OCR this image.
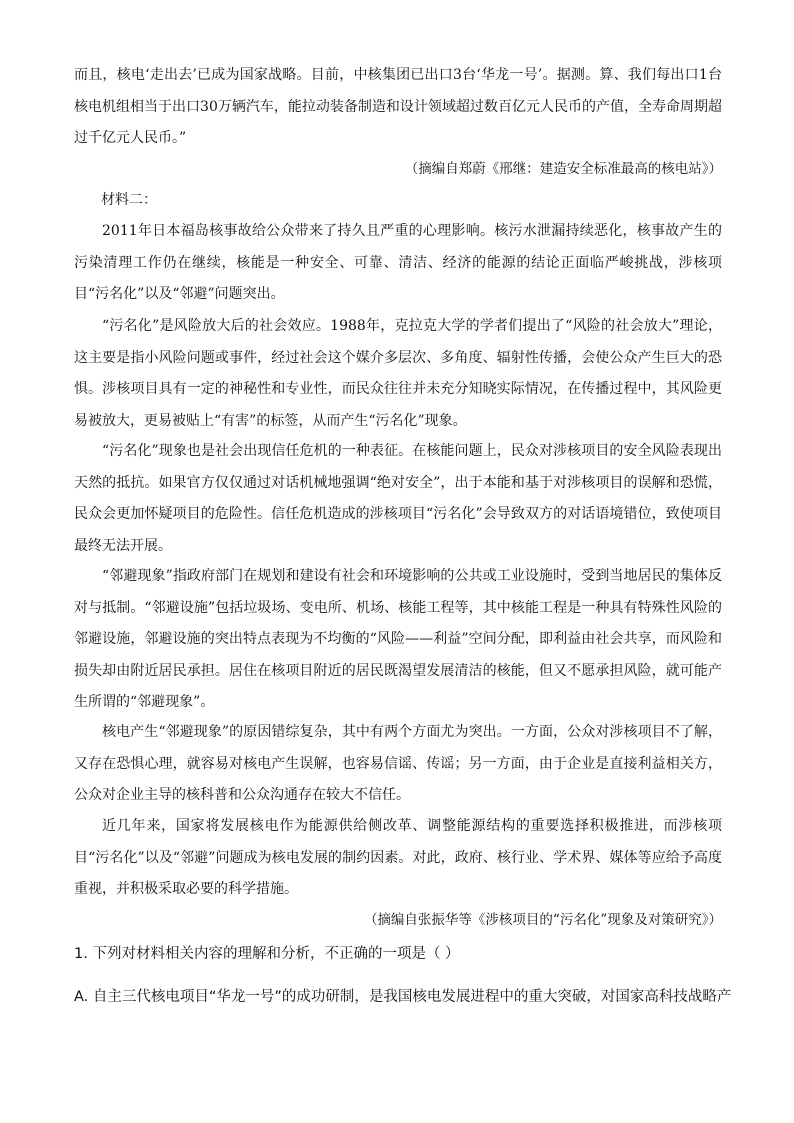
而且，核电‘走出去’已成为国家战略。目前，中核集团已出口3台‘华龙一号’。据测。算、我们每出口1台核电机组相当于出口30万辆汽车，能拉动装备制造和设计领域超过数百亿元人民币的产值，全寿命周期超过千亿元人民币。”
（摘编自郑蔚《邢继：建造安全标准最高的核电站》）
材料二：
2011年日本福岛核事故给公众带来了持久且严重的心理影响。核污水泄漏持续恶化，核事故产生的污染清理工作仍在继续，核能是一种安全、可靠、清洁、经济的能源的结论正面临严峻挑战，涉核项目“污名化”以及“邻避”问题突出。
“污名化”是风险放大后的社会效应。1988年，克拉克大学的学者们提出了“风险的社会放大”理论，这主要是指小风险问题或事件，经过社会这个媒介多层次、多角度、辐射性传播，会使公众产生巨大的恐惧。涉核项目具有一定的神秘性和专业性，而民众往往并未充分知晓实际情况，在传播过程中，其风险更易被放大，更易被贴上“有害”的标签，从而产生“污名化”现象。
“污名化”现象也是社会出现信任危机的一种表征。在核能问题上，民众对涉核项目的安全风险表现出天然的抵抗。如果官方仅仅通过对话机械地强调“绝对安全”，出于本能和基于对涉核项目的误解和恐慌，民众会更加怀疑项目的危险性。信任危机造成的涉核项目“污名化”会导致双方的对话语境错位，致使项目最终无法开展。
“邻避现象”指政府部门在规划和建设有社会和环境影响的公共或工业设施时，受到当地居民的集体反对与抵制。“邻避设施”包括垃圾场、变电所、机场、核能工程等，其中核能工程是一种具有特殊性风险的邻避设施，邻避设施的突出特点表现为不均衡的“风险——利益”空间分配，即利益由社会共享，而风险和损失却由附近居民承担。居住在核项目附近的居民既渴望发展清洁的核能，但又不愿承担风险，就可能产生所谓的“邻避现象”。
核电产生“邻避现象”的原因错综复杂，其中有两个方面尤为突出。一方面，公众对涉核项目不了解，又存在恐惧心理，就容易对核电产生误解，也容易信谣、传谣；另一方面，由于企业是直接利益相关方，公众对企业主导的核科普和公众沟通存在较大不信任。
近几年来，国家将发展核电作为能源供给侧改革、调整能源结构的重要选择积极推进，而涉核项目“污名化”以及“邻避”问题成为核电发展的制约因素。对此，政府、核行业、学术界、媒体等应给予高度重视，并积极采取必要的科学措施。
（摘编自张振华等《涉核项目的“污名化”现象及对策研究》）
1. 下列对材料相关内容的理解和分析，不正确的一项是（ ）
A. 自主三代核电项目“华龙一号”的成功研制，是我国核电发展进程中的重大突破，对国家高科技战略产
